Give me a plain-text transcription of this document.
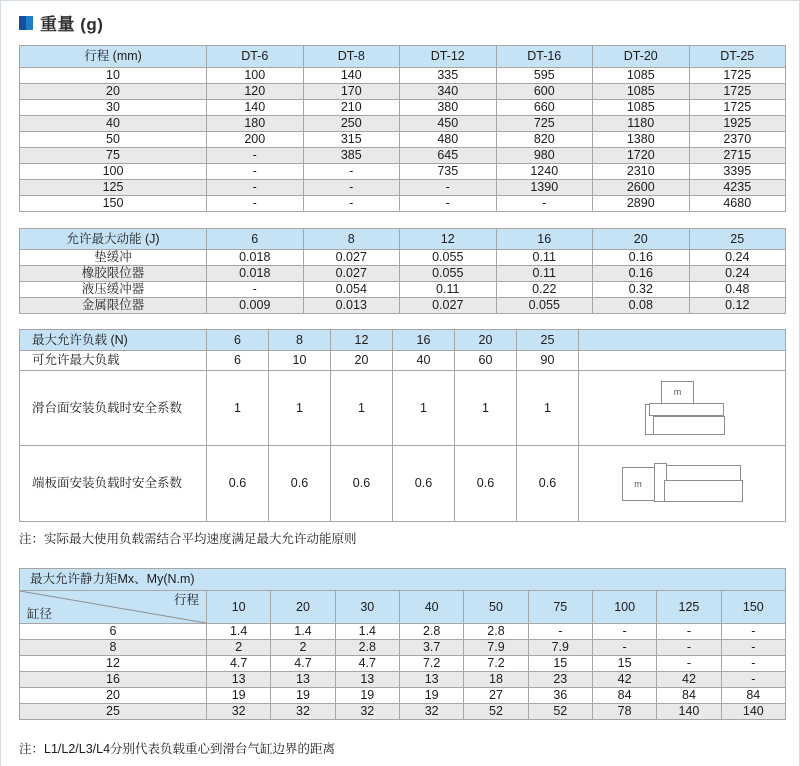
重量 (g)
行程 (mm)	DT-6	DT-8	DT-12	DT-16	DT-20	DT-25
10	100	140	335	595	1085	1725
20	120	170	340	600	1085	1725
30	140	210	380	660	1085	1725
40	180	250	450	725	1180	1925
50	200	315	480	820	1380	2370
75	-	385	645	980	1720	2715
100	-	-	735	1240	2310	3395
125	-	-	-	1390	2600	4235
150	-	-	-	-	2890	4680
允许最大动能 (J)	6	8	12	16	20	25
垫缓冲	0.018	0.027	0.055	0.11	0.16	0.24
橡胶限位器	0.018	0.027	0.055	0.11	0.16	0.24
液压缓冲器	-	0.054	0.11	0.22	0.32	0.48
金属限位器	0.009	0.013	0.027	0.055	0.08	0.12
最大允许负载 (N)	6	8	12	16	20	25	
可允许最大负载	6	10	20	40	60	90	
滑台面安装负载时安全系数	1	1	1	1	1	1	m

端板面安装负载时安全系数	0.6	0.6	0.6	0.6	0.6	0.6	m
注：实际最大使用负载需结合平均速度满足最大允许动能原则
最大允许静力矩Mx、My(N.m)									

行程
缸径	10	20	30	40	50	75	100	125	150
6	1.4	1.4	1.4	2.8	2.8	-	-	-	-
8	2	2	2.8	3.7	7.9	7.9	-	-	-
12	4.7	4.7	4.7	7.2	7.2	15	15	-	-
16	13	13	13	13	18	23	42	42	-
20	19	19	19	19	27	36	84	84	84
25	32	32	32	32	52	52	78	140	140
注：L1/L2/L3/L4分别代表负载重心到滑台气缸边界的距离
